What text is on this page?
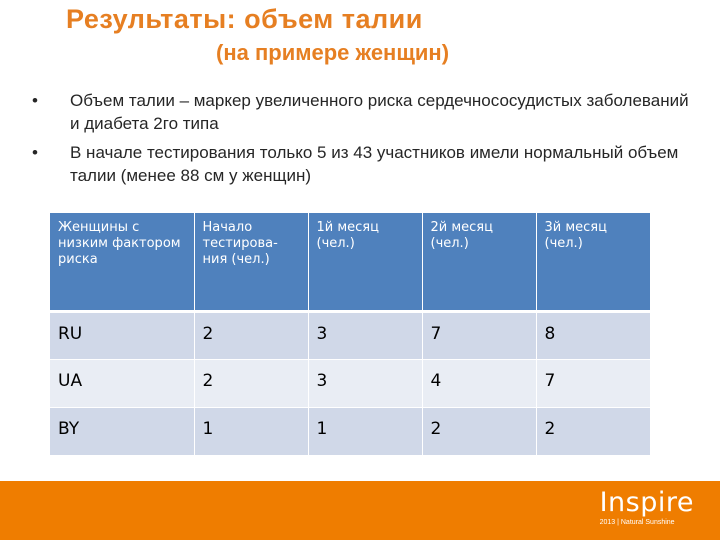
Результаты: объем талии
(на примере женщин)
• Объем талии – маркер увеличенного риска сердечнососудистых заболеваний и диабета 2го типа
• В начале тестирования только 5 из 43 участников имели нормальный объем талии (менее 88 см у женщин)
Женщины с низким фактором риска	Начало тестирова-ния (чел.)	1й месяц (чел.)	2й месяц (чел.)	3й месяц (чел.)
RU	2	3	7	8
UA	2	3	4	7
BY	1	1	2	2
Inspire
2013 | Natural Sunshine
